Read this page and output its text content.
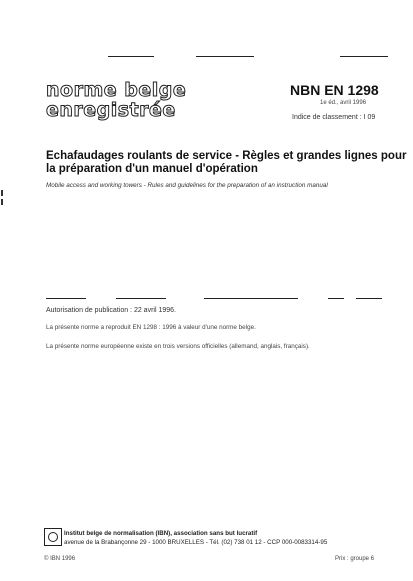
norme belge
enregistrée
NBN EN 1298
1e éd., avril 1996
Indice de classement : I 09
Echafaudages roulants de service - Règles et grandes lignes pour
la préparation d'un manuel d'opération
Mobile access and working towers - Rules and guidelines for the preparation of an instruction manual
Autorisation de publication : 22 avril 1996.
La présente norme a reproduit EN 1298 : 1996 à valeur d'une norme belge.
La présente norme européenne existe en trois versions officielles (allemand, anglais, français).
Institut belge de normalisation (IBN), association sans but lucratif
avenue de la Brabançonne 29 - 1000 BRUXELLES - Tél. (02) 738 01 12 - CCP 000-0083314-95
© IBN 1996	Prix : groupe 6
